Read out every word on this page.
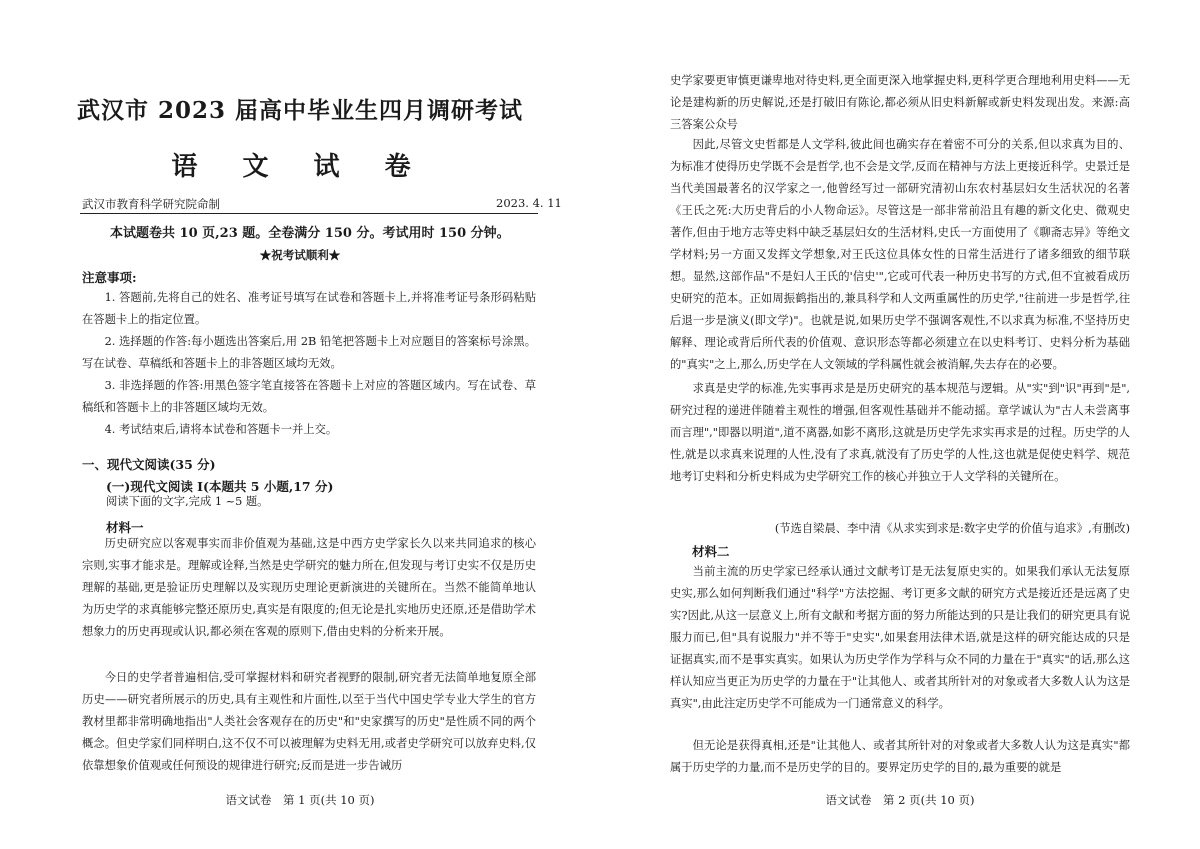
武汉市 2023 届高中毕业生四月调研考试
语 文 试 卷
武汉市教育科学研究院命制	2023. 4. 11
本试题卷共 10 页,23 题。全卷满分 150 分。考试用时 150 分钟。
★祝考试顺利★
注意事项:
1. 答题前,先将自己的姓名、准考证号填写在试卷和答题卡上,并将准考证号条形码粘贴在答题卡上的指定位置。
2. 选择题的作答:每小题选出答案后,用 2B 铅笔把答题卡上对应题目的答案标号涂黑。写在试卷、草稿纸和答题卡上的非答题区域均无效。
3. 非选择题的作答:用黑色签字笔直接答在答题卡上对应的答题区域内。写在试卷、草稿纸和答题卡上的非答题区域均无效。
4. 考试结束后,请将本试卷和答题卡一并上交。
一、现代文阅读(35 分)
(一)现代文阅读 I(本题共 5 小题,17 分)
阅读下面的文字,完成 1 ~5 题。
材料一
历史研究应以客观事实而非价值观为基础,这是中西方史学家长久以来共同追求的核心宗则,实事才能求是。理解或诠释,当然是史学研究的魅力所在,但发现与考订史实不仅是历史理解的基础,更是验证历史理解以及实现历史理论更新演进的关键所在。当然不能简单地认为历史学的求真能够完整还原历史,真实是有限度的;但无论是扎实地历史还原,还是借助学术想象力的历史再现或认识,都必须在客观的原则下,借由史料的分析来开展。
今日的史学者普遍相信,受可掌握材料和研究者视野的限制,研究者无法简单地复原全部历史——研究者所展示的历史,具有主观性和片面性,以至于当代中国史学专业大学生的官方教材里都非常明确地指出"人类社会客观存在的历史"和"史家撰写的历史"是性质不同的两个概念。但史学家们同样明白,这不仅不可以被理解为史料无用,或者史学研究可以放弃史料,仅依靠想象价值观或任何预设的规律进行研究;反而是进一步告诫历
语文试卷　第 1 页(共 10 页)
史学家要更审慎更谦卑地对待史料,更全面更深入地掌握史料,更科学更合理地利用史料——无论是建构新的历史解说,还是打破旧有陈论,都必须从旧史料新解或新史料发现出发。来源:高三答案公众号
因此,尽管文史哲都是人文学科,彼此间也确实存在着密不可分的关系,但以求真为目的、为标准才使得历史学既不会是哲学,也不会是文学,反而在精神与方法上更接近科学。史景迁是当代美国最著名的汉学家之一,他曾经写过一部研究清初山东农村基层妇女生活状况的名著《王氏之死:大历史背后的小人物命运》。尽管这是一部非常前沿且有趣的新文化史、微观史著作,但由于地方志等史料中缺乏基层妇女的生活材料,史氏一方面使用了《聊斋志异》等绝文学材料;另一方面又发挥文学想象,对王氏这位具体女性的日常生活进行了诸多细致的细节联想。显然,这部作品"不是妇人王氏的'信史'",它或可代表一种历史书写的方式,但不宜被看成历史研究的范本。正如周振鹤指出的,兼具科学和人文两重属性的历史学,"往前进一步是哲学,往后退一步是演义(即文学)"。也就是说,如果历史学不强调客观性,不以求真为标准,不坚持历史解释、理论或背后所代表的价值观、意识形态等都必须建立在以史料考订、史料分析为基础的"真实"之上,那么,历史学在人文领域的学科属性就会被消解,失去存在的必要。
求真是史学的标准,先实事再求是是历史研究的基本规范与逻辑。从"实"到"识"再到"是",研究过程的递进伴随着主观性的增强,但客观性基础并不能动摇。章学诚认为"古人未尝离事而言理","即器以明道",道不离器,如影不离形,这就是历史学先求实再求是的过程。历史学的人性,就是以求真来说理的人性,没有了求真,就没有了历史学的人性,这也就是促使史料学、规范地考订史料和分析史料成为史学研究工作的核心并独立于人文学科的关键所在。
(节选自梁晨、李中清《从求实到求是:数字史学的价值与追求》,有删改)
材料二
当前主流的历史学家已经承认通过文献考订是无法复原史实的。如果我们承认无法复原史实,那么如何判断我们通过"科学"方法挖掘、考订更多文献的研究方式是接近还是远离了史实?因此,从这一层意义上,所有文献和考据方面的努力所能达到的只是让我们的研究更具有说服力而已,但"具有说服力"并不等于"史实",如果套用法律术语,就是这样的研究能达成的只是证据真实,而不是事实真实。如果认为历史学作为学科与众不同的力量在于"真实"的话,那么这样认知应当更正为历史学的力量在于"让其他人、或者其所针对的对象或者大多数人认为这是真实",由此注定历史学不可能成为一门通常意义的科学。
但无论是获得真相,还是"让其他人、或者其所针对的对象或者大多数人认为这是真实"都属于历史学的力量,而不是历史学的目的。要界定历史学的目的,最为重要的就是
语文试卷　第 2 页(共 10 页)
